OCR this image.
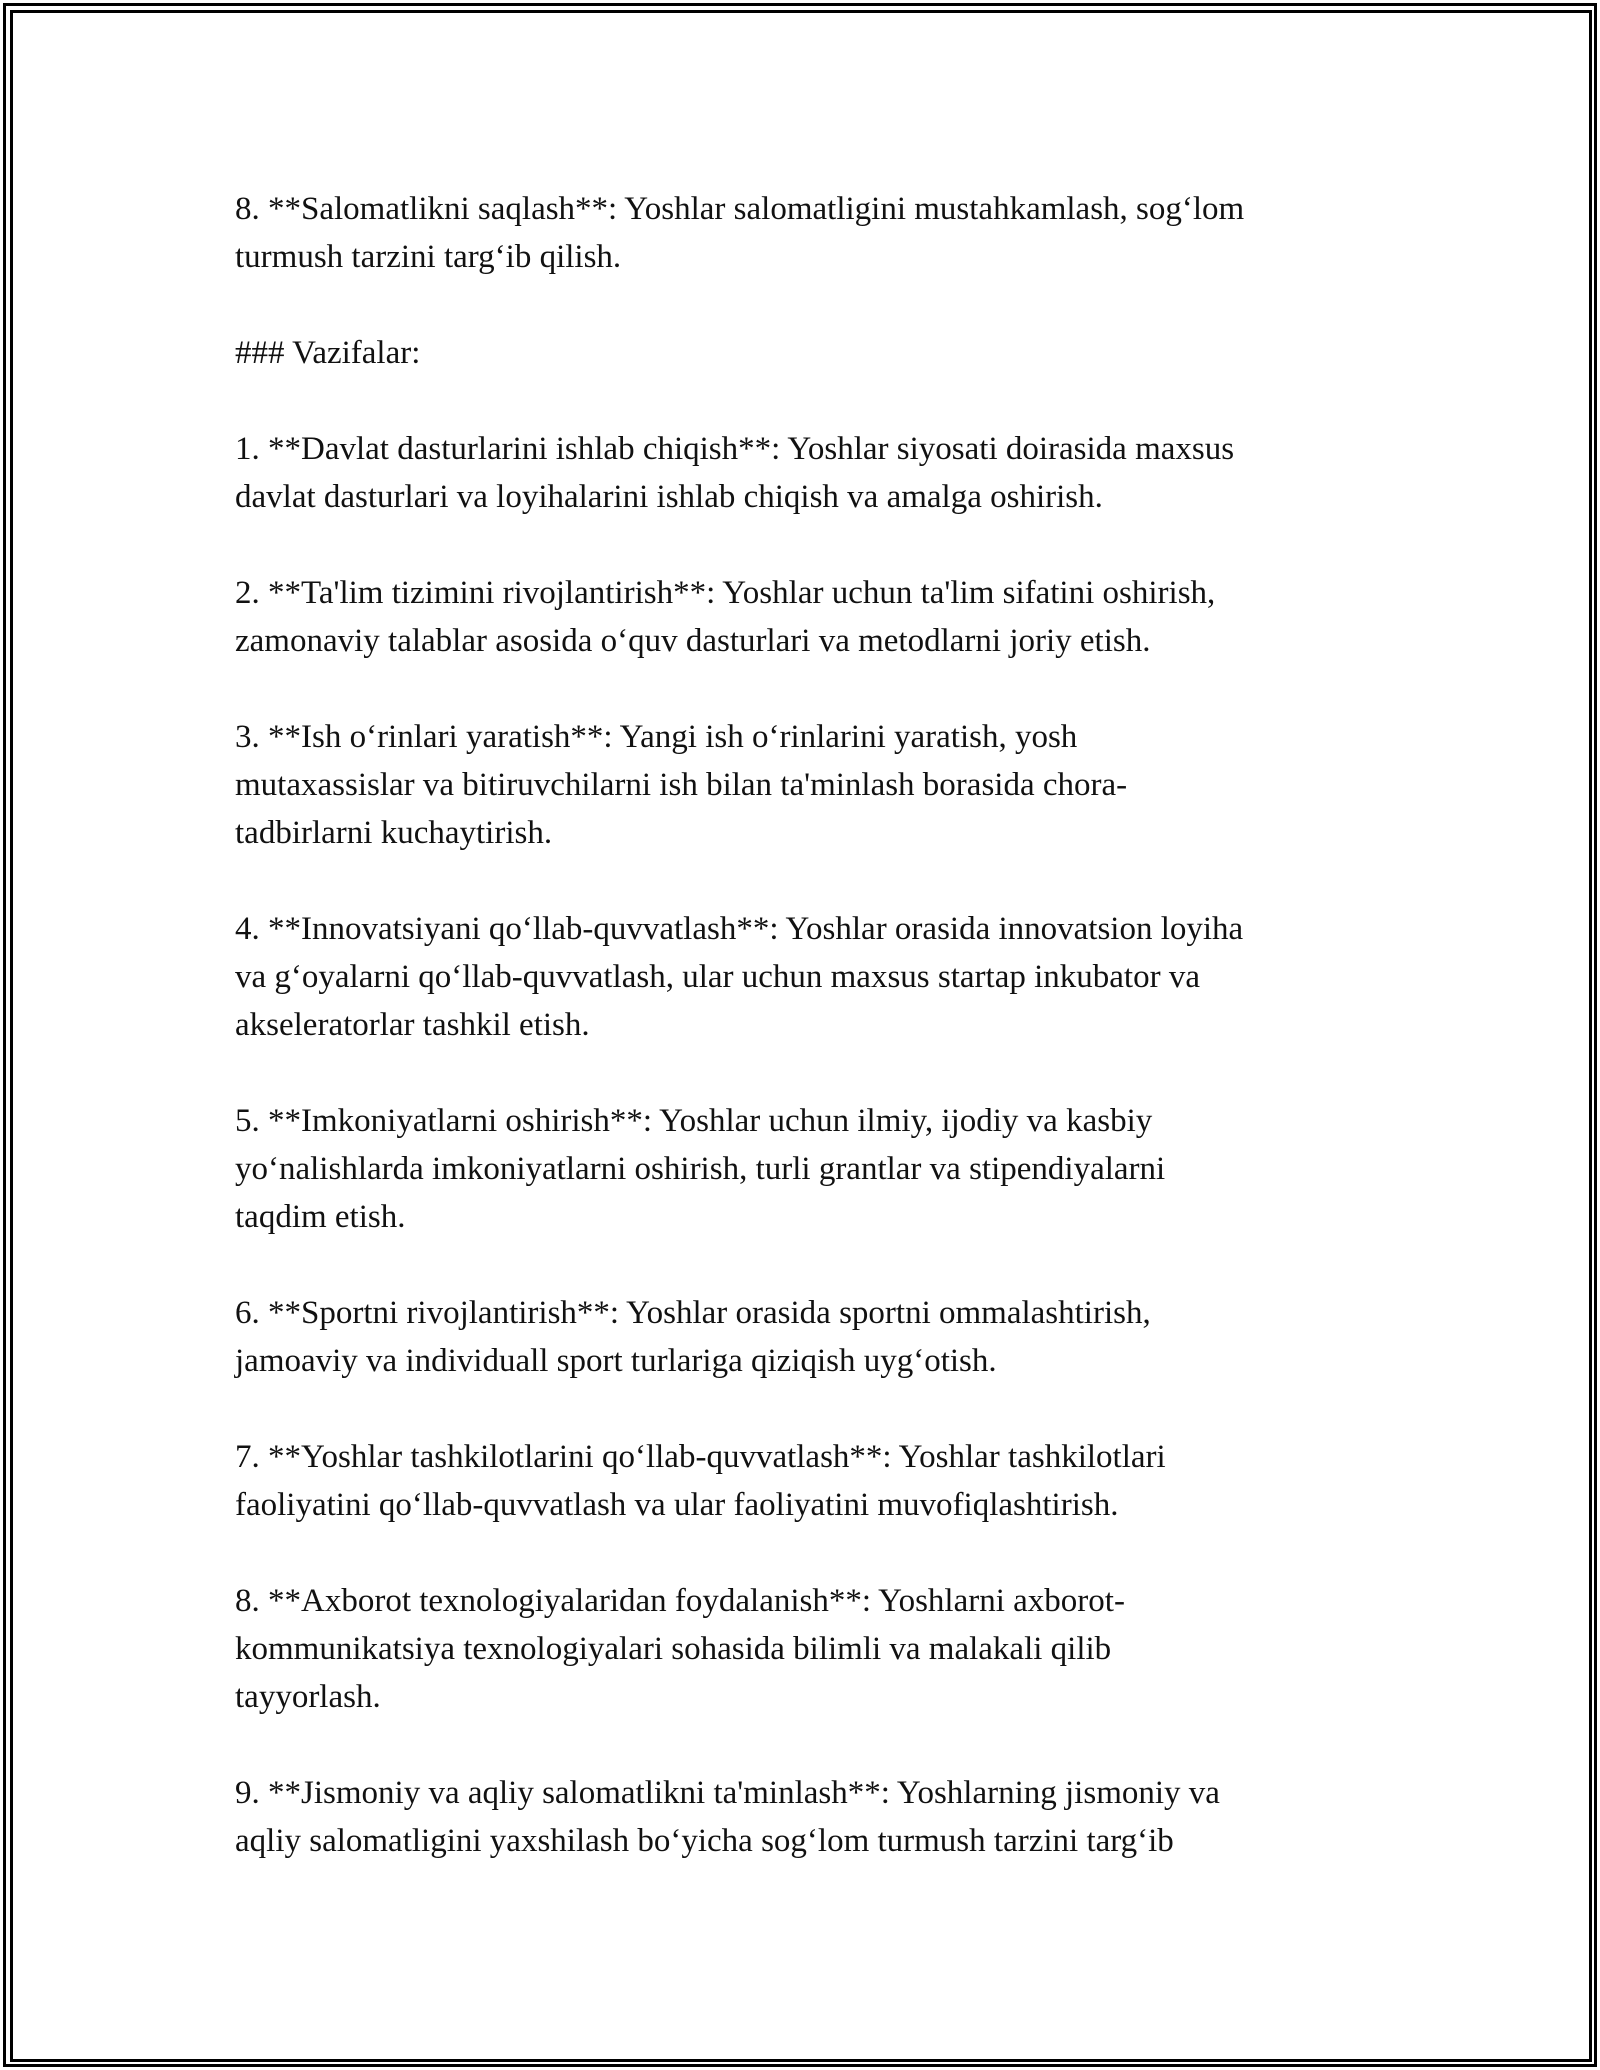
8. **Salomatlikni saqlash**: Yoshlar salomatligini mustahkamlash, sog‘lom
turmush tarzini targ‘ib qilish.

### Vazifalar:

1. **Davlat dasturlarini ishlab chiqish**: Yoshlar siyosati doirasida maxsus
davlat dasturlari va loyihalarini ishlab chiqish va amalga oshirish.

2. **Ta'lim tizimini rivojlantirish**: Yoshlar uchun ta'lim sifatini oshirish,
zamonaviy talablar asosida o‘quv dasturlari va metodlarni joriy etish.

3. **Ish o‘rinlari yaratish**: Yangi ish o‘rinlarini yaratish, yosh
mutaxassislar va bitiruvchilarni ish bilan ta'minlash borasida chora-
tadbirlarni kuchaytirish.

4. **Innovatsiyani qo‘llab-quvvatlash**: Yoshlar orasida innovatsion loyiha
va g‘oyalarni qo‘llab-quvvatlash, ular uchun maxsus startap inkubator va
akseleratorlar tashkil etish.

5. **Imkoniyatlarni oshirish**: Yoshlar uchun ilmiy, ijodiy va kasbiy
yo‘nalishlarda imkoniyatlarni oshirish, turli grantlar va stipendiyalarni
taqdim etish.

6. **Sportni rivojlantirish**: Yoshlar orasida sportni ommalashtirish,
jamoaviy va individuall sport turlariga qiziqish uyg‘otish.

7. **Yoshlar tashkilotlarini qo‘llab-quvvatlash**: Yoshlar tashkilotlari
faoliyatini qo‘llab-quvvatlash va ular faoliyatini muvofiqlashtirish.

8. **Axborot texnologiyalaridan foydalanish**: Yoshlarni axborot-
kommunikatsiya texnologiyalari sohasida bilimli va malakali qilib
tayyorlash.

9. **Jismoniy va aqliy salomatlikni ta'minlash**: Yoshlarning jismoniy va
aqliy salomatligini yaxshilash bo‘yicha sog‘lom turmush tarzini targ‘ib
